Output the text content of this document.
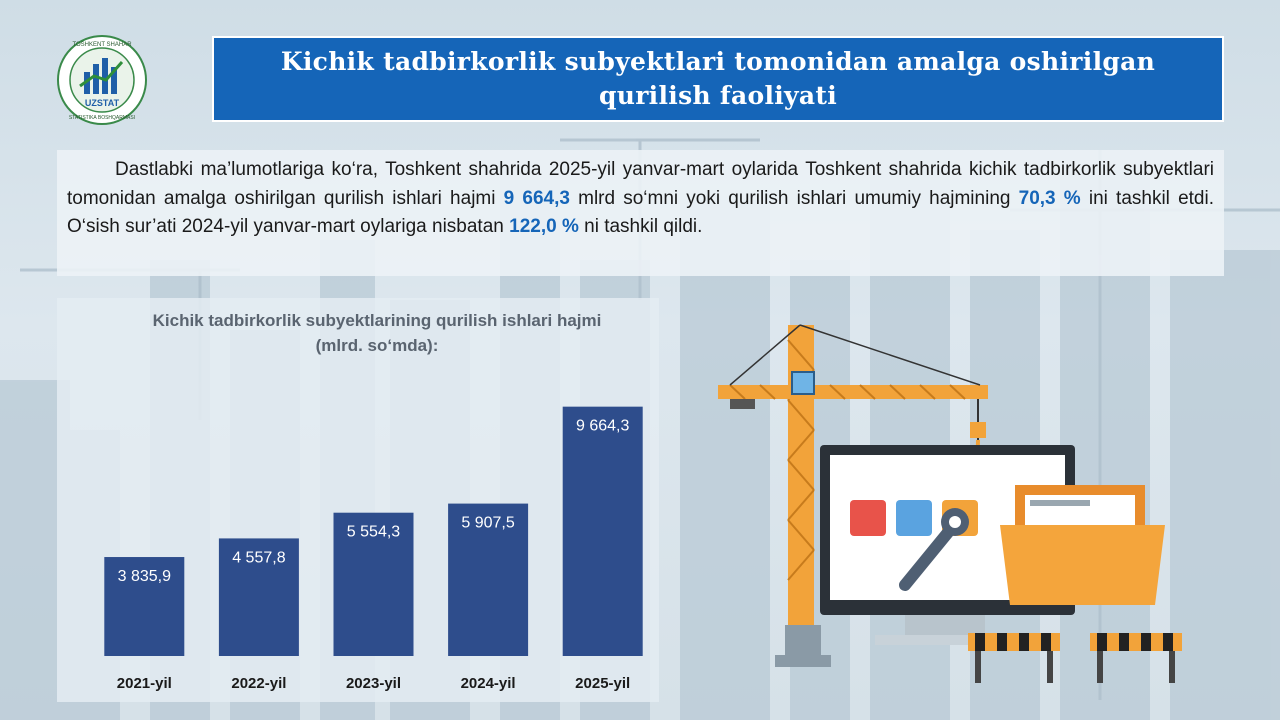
TOSHKENT SHAHAR
UZSTAT
STATISTIKA BOSHQARMASI
Kichik tadbirkorlik subyektlari tomonidan amalga oshirilgan qurilish faoliyati

Dastlabki ma’lumotlariga ko‘ra, Toshkent shahrida 2025-yil yanvar-mart oylarida Toshkent shahrida kichik tadbirkorlik subyektlari tomonidan amalga oshirilgan qurilish ishlari hajmi 9 664,3 mlrd so‘mni yoki qurilish ishlari umumiy hajmining 70,3 % ini tashkil etdi. O‘sish sur’ati 2024-yil yanvar-mart oylariga nisbatan 122,0 % ni tashkil qildi.

Kichik tadbirkorlik subyektlarining qurilish ishlari hajmi (mlrd. so‘mda):
3 835,9
2021-yil
4 557,8
2022-yil
5 554,3
2023-yil
5 907,5
2024-yil
9 664,3
2025-yil
